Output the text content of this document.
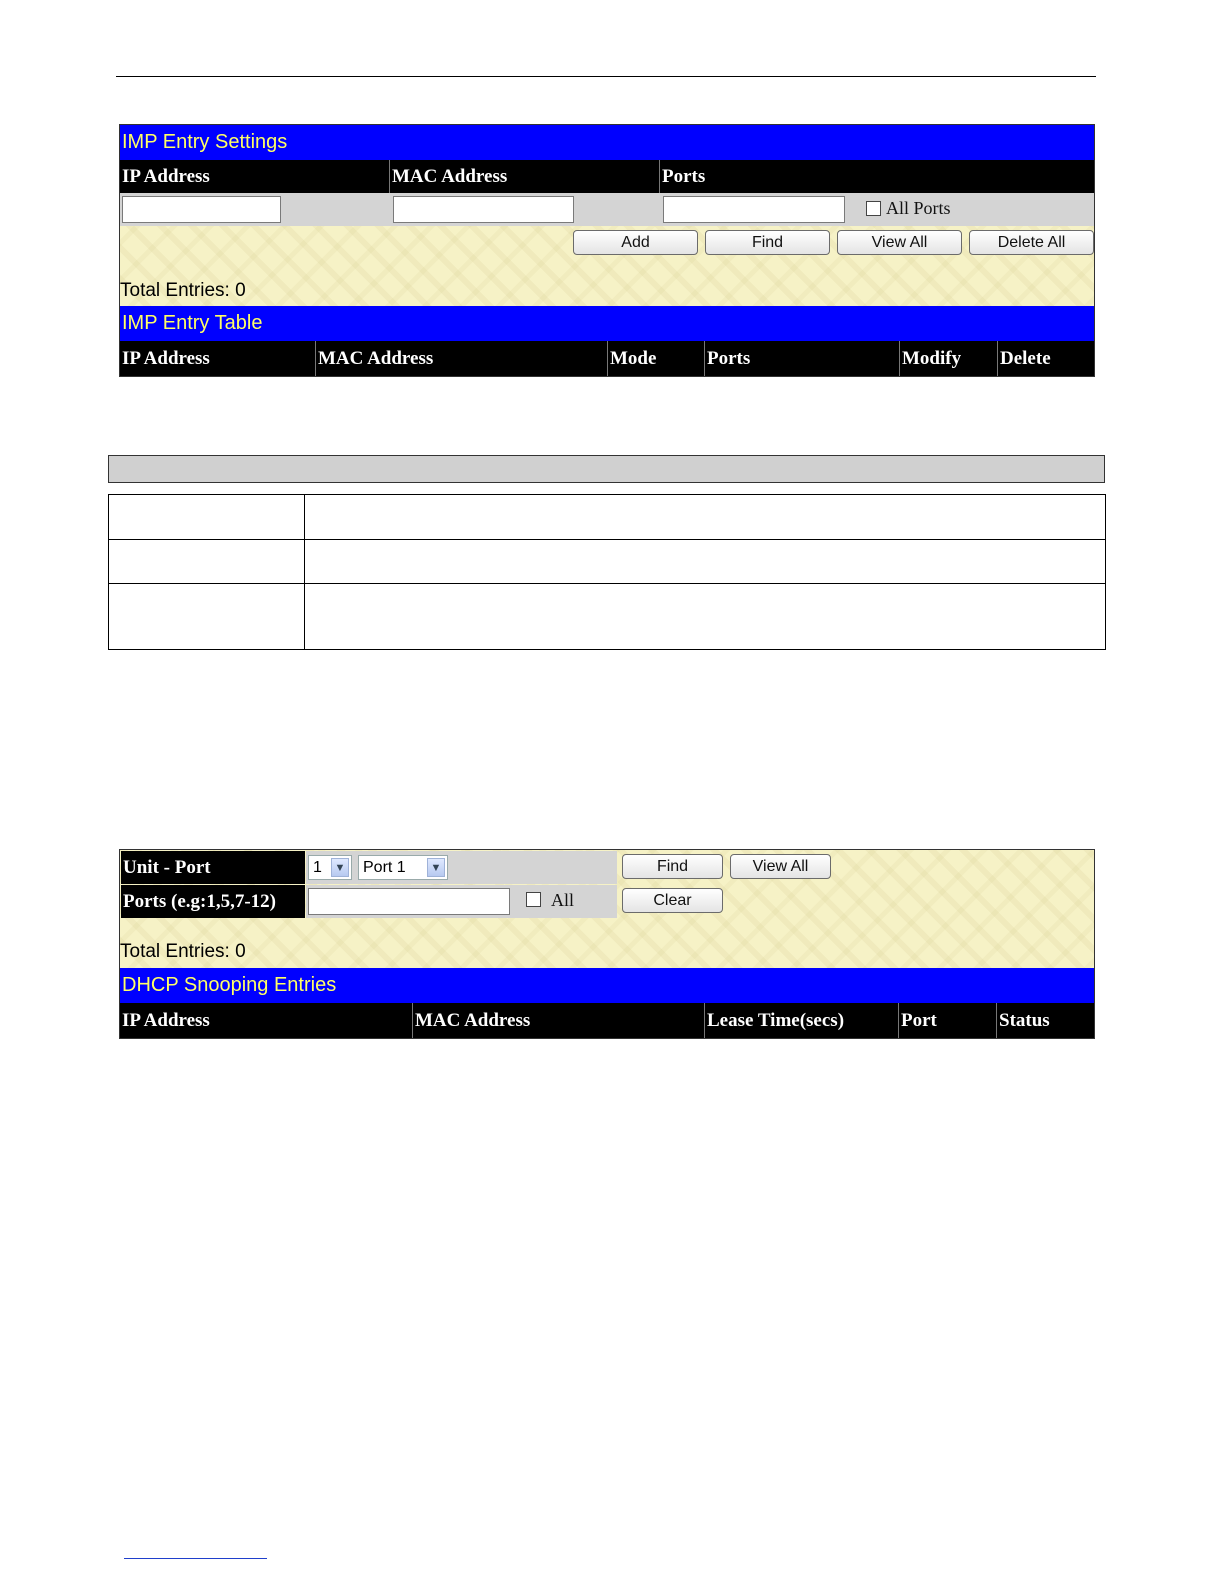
IMP Entry Settings
IP Address	MAC Address	Ports
All Ports
Add	Find	View All	Delete All
Total Entries: 0
IMP Entry Table
IP Address	MAC Address	Mode	Ports	Modify	Delete

Unit - Port	1	▼ Port 1	▼	Find	View All
Ports (e.g:1,5,7-12)	All	Clear
Total Entries: 0
DHCP Snooping Entries
IP Address	MAC Address	Lease Time(secs)	Port	Status
